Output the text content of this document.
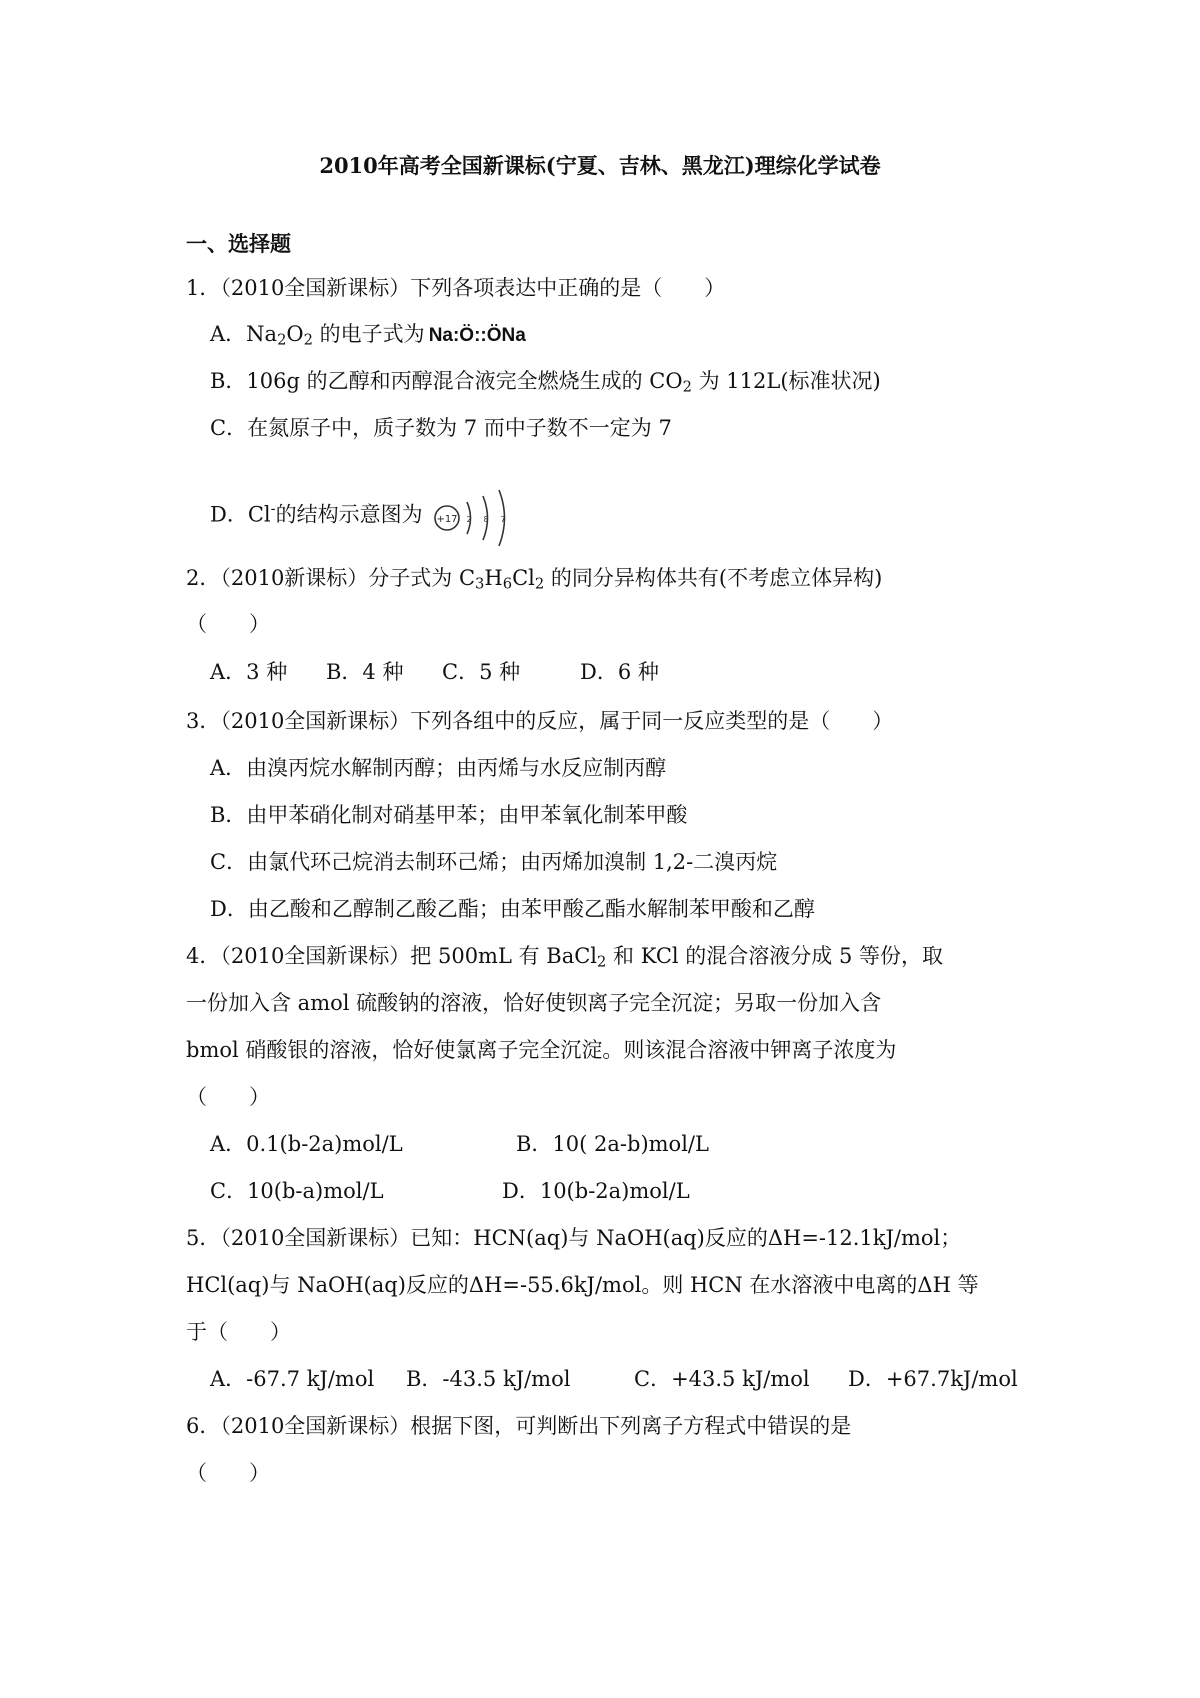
2010年高考全国新课标(宁夏、吉林、黑龙江)理综化学试卷
一、选择题
1．（2010全国新课标）下列各项表达中正确的是（　　）
A．$Na_2O_2$ 的电子式为 Na:Ö::ÖNa
B．106g 的乙醇和丙醇混合液完全燃烧生成的 $CO_2$ 为 112L(标准状况)
C．在氮原子中，质子数为 7 而中子数不一定为 7
D．Cl-的结构示意图为 +17 2 8 7
2．（2010新课标）分子式为 $C_3H_6Cl_2$ 的同分异构体共有(不考虑立体异构)
（　　）
A．3 种 B．4 种 C．5 种	D．6 种
3．（2010全国新课标）下列各组中的反应，属于同一反应类型的是（　　）
A．由溴丙烷水解制丙醇；由丙烯与水反应制丙醇
B．由甲苯硝化制对硝基甲苯；由甲苯氧化制苯甲酸
C．由氯代环己烷消去制环己烯；由丙烯加溴制 1,2-二溴丙烷
D．由乙酸和乙醇制乙酸乙酯；由苯甲酸乙酯水解制苯甲酸和乙醇
4．（2010全国新课标）把 500mL 有 BaCl$_2$ 和 KCl 的混合溶液分成 5 等份，取
一份加入含 amol 硫酸钠的溶液，恰好使钡离子完全沉淀；另取一份加入含
bmol 硝酸银的溶液，恰好使氯离子完全沉淀。则该混合溶液中钾离子浓度为
（　　）
A．0.1(b-2a)mol/L	B．10( 2a-b)mol/L
C．10(b-a)mol/L	D．10(b-2a)mol/L
5．（2010全国新课标）已知：HCN(aq)与 NaOH(aq)反应的ΔH=-12.1kJ/mol；
HCl(aq)与 NaOH(aq)反应的ΔH=-55.6kJ/mol。则 HCN 在水溶液中电离的ΔH 等
于（　　）
A．-67.7 kJ/mol B．-43.5 kJ/mol	C．+43.5 kJ/mol D．+67.7kJ/mol
6．（2010全国新课标）根据下图，可判断出下列离子方程式中错误的是
（　　）
